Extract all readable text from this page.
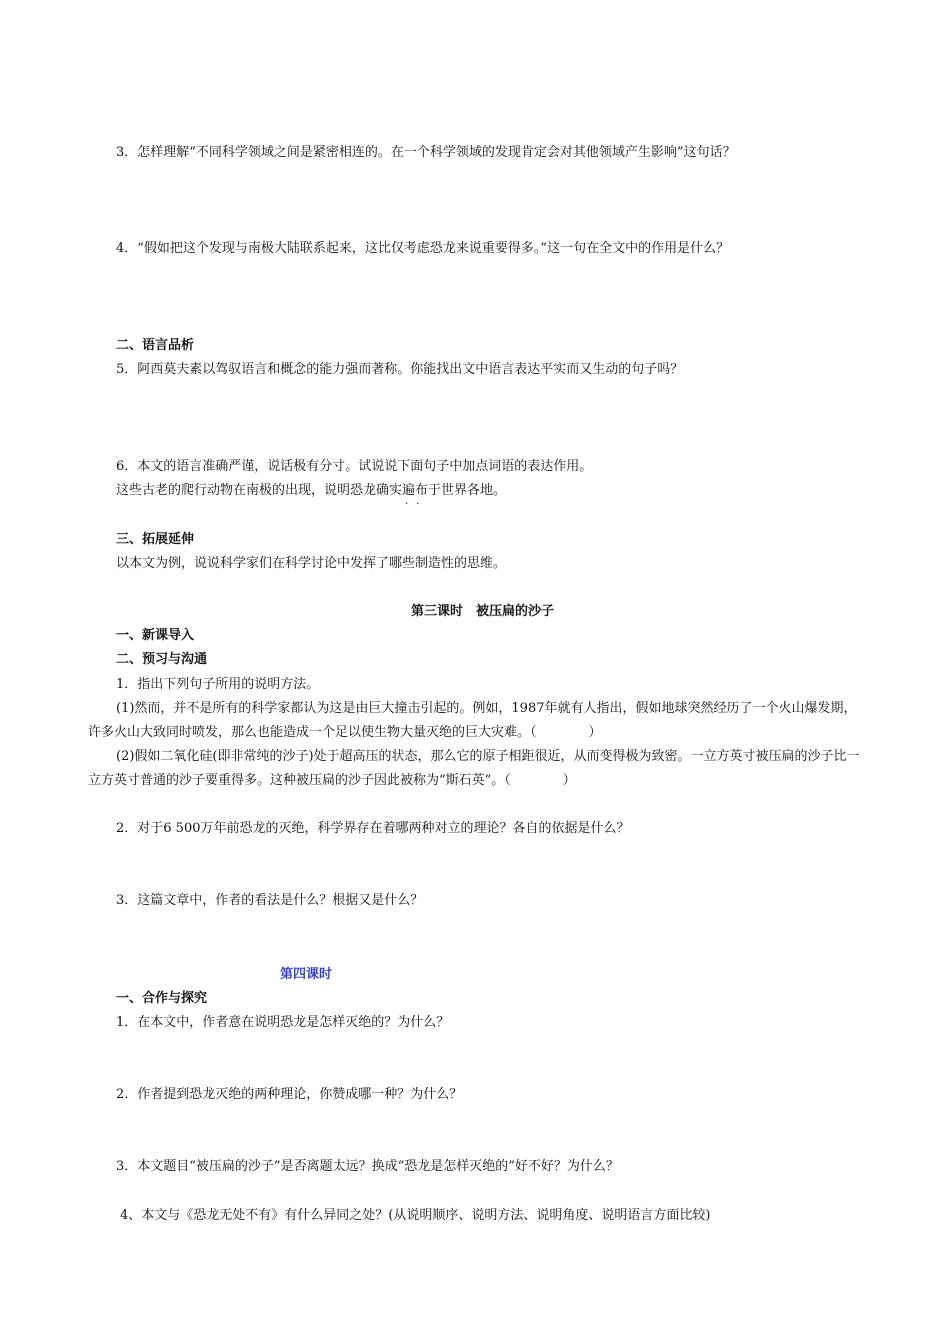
3．怎样理解“不同科学领域之间是紧密相连的。在一个科学领域的发现肯定会对其他领域产生影响”这句话？
4．“假如把这个发现与南极大陆联系起来，这比仅考虑恐龙来说重要得多。”这一句在全文中的作用是什么？
二、语言品析
5．阿西莫夫素以驾驭语言和概念的能力强而著称。你能找出文中语言表达平实而又生动的句子吗？
6．本文的语言准确严谨，说话极有分寸。试说说下面句子中加点词语的表达作用。
这些古老的爬行动物在南极的出现，说明恐龙确实遍布于世界各地。
··
三、拓展延伸
以本文为例，说说科学家们在科学讨论中发挥了哪些制造性的思维。
第三课时　被压扁的沙子
一、新课导入
二、预习与沟通
1．指出下列句子所用的说明方法。
(1)然而，并不是所有的科学家都认为这是由巨大撞击引起的。例如，1987年就有人指出，假如地球突然经历了一个火山爆发期，许多火山大致同时喷发，那么也能造成一个足以使生物大量灭绝的巨大灾难。（　　　　）
(2)假如二氧化硅(即非常纯的沙子)处于超高压的状态，那么它的原子相距很近，从而变得极为致密。一立方英寸被压扁的沙子比一立方英寸普通的沙子要重得多。这种被压扁的沙子因此被称为“斯石英”。（　　　　）
2．对于6 500万年前恐龙的灭绝，科学界存在着哪两种对立的理论？各自的依据是什么？
3．这篇文章中，作者的看法是什么？根据又是什么？
第四课时
一、合作与探究
1．在本文中，作者意在说明恐龙是怎样灭绝的？为什么？
2．作者提到恐龙灭绝的两种理论，你赞成哪一种？为什么？
3．本文题目“被压扁的沙子”是否离题太远？换成“恐龙是怎样灭绝的”好不好？为什么？
4、本文与《恐龙无处不有》有什么异同之处？(从说明顺序、说明方法、说明角度、说明语言方面比较)
